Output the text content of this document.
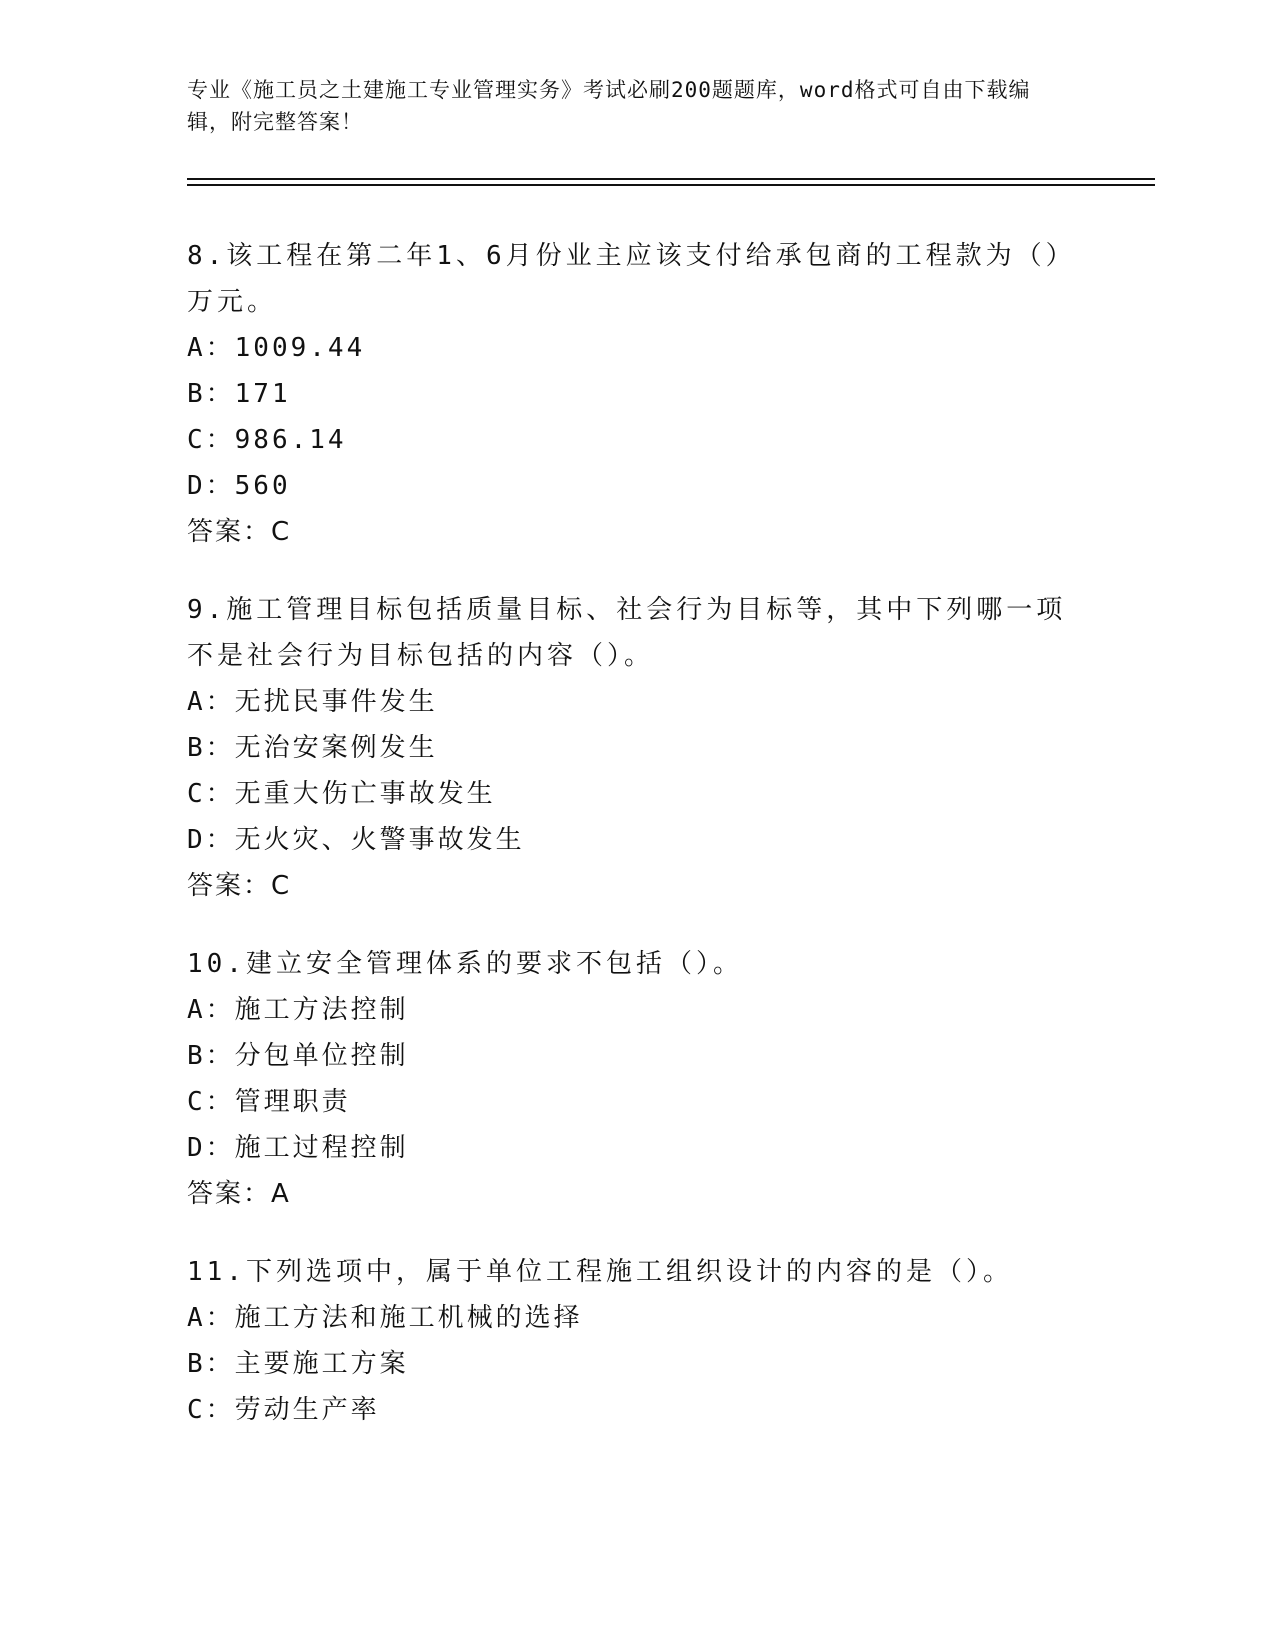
专业《施工员之土建施工专业管理实务》考试必刷200题题库，word格式可自由下载编辑，附完整答案！

8.该工程在第二年1、6月份业主应该支付给承包商的工程款为（）万元。

A：1009.44

B：171

C：986.14

D：560

答案：C

9.施工管理目标包括质量目标、社会行为目标等，其中下列哪一项不是社会行为目标包括的内容（）。

A：无扰民事件发生

B：无治安案例发生

C：无重大伤亡事故发生

D：无火灾、火警事故发生

答案：C

10.建立安全管理体系的要求不包括（）。

A：施工方法控制

B：分包单位控制

C：管理职责

D：施工过程控制

答案：A

11.下列选项中，属于单位工程施工组织设计的内容的是（）。

A：施工方法和施工机械的选择

B：主要施工方案

C：劳动生产率
